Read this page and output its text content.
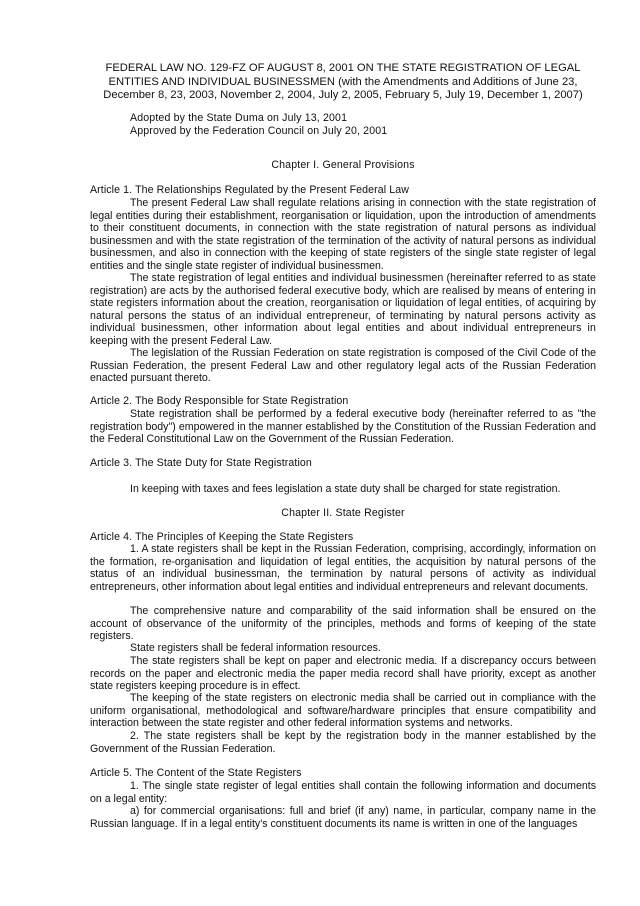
FEDERAL LAW NO. 129-FZ OF AUGUST 8, 2001 ON THE STATE REGISTRATION OF LEGAL
ENTITIES AND INDIVIDUAL BUSINESSMEN (with the Amendments and Additions of June 23,
December 8, 23, 2003, November 2, 2004, July 2, 2005, February 5, July 19, December 1, 2007)
Adopted by the State Duma on July 13, 2001
Approved by the Federation Council on July 20, 2001
Chapter I. General Provisions
Article 1. The Relationships Regulated by the Present Federal Law

The present Federal Law shall regulate relations arising in connection with the state registration of legal entities during their establishment, reorganisation or liquidation, upon the introduction of amendments to their constituent documents, in connection with the state registration of natural persons as individual businessmen and with the state registration of the termination of the activity of natural persons as individual businessmen, and also in connection with the keeping of state registers of the single state register of legal entities and the single state register of individual businessmen.

The state registration of legal entities and individual businessmen (hereinafter referred to as state registration) are acts by the authorised federal executive body, which are realised by means of entering in state registers information about the creation, reorganisation or liquidation of legal entities, of acquiring by natural persons the status of an individual entrepreneur, of terminating by natural persons activity as individual businessmen, other information about legal entities and about individual entrepreneurs in keeping with the present Federal Law.

The legislation of the Russian Federation on state registration is composed of the Civil Code of the Russian Federation, the present Federal Law and other regulatory legal acts of the Russian Federation enacted pursuant thereto.

Article 2. The Body Responsible for State Registration

State registration shall be performed by a federal executive body (hereinafter referred to as "the registration body") empowered in the manner established by the Constitution of the Russian Federation and the Federal Constitutional Law on the Government of the Russian Federation.

Article 3. The State Duty for State Registration

In keeping with taxes and fees legislation a state duty shall be charged for state registration.

Chapter II. State Register
Article 4. The Principles of Keeping the State Registers

1. A state registers shall be kept in the Russian Federation, comprising, accordingly, information on the formation, re-organisation and liquidation of legal entities, the acquisition by natural persons of the status of an individual businessman, the termination by natural persons of activity as individual entrepreneurs, other information about legal entities and individual entrepreneurs and relevant documents.

The comprehensive nature and comparability of the said information shall be ensured on the account of observance of the uniformity of the principles, methods and forms of keeping of the state registers.

State registers shall be federal information resources.

The state registers shall be kept on paper and electronic media. If a discrepancy occurs between records on the paper and electronic media the paper media record shall have priority, except as another state registers keeping procedure is in effect.

The keeping of the state registers on electronic media shall be carried out in compliance with the uniform organisational, methodological and software/hardware principles that ensure compatibility and interaction between the state register and other federal information systems and networks.

2. The state registers shall be kept by the registration body in the manner established by the Government of the Russian Federation.

Article 5. The Content of the State Registers

1. The single state register of legal entities shall contain the following information and documents on a legal entity:

a) for commercial organisations: full and brief (if any) name, in particular, company name in the Russian language. If in a legal entity's constituent documents its name is written in one of the languages
